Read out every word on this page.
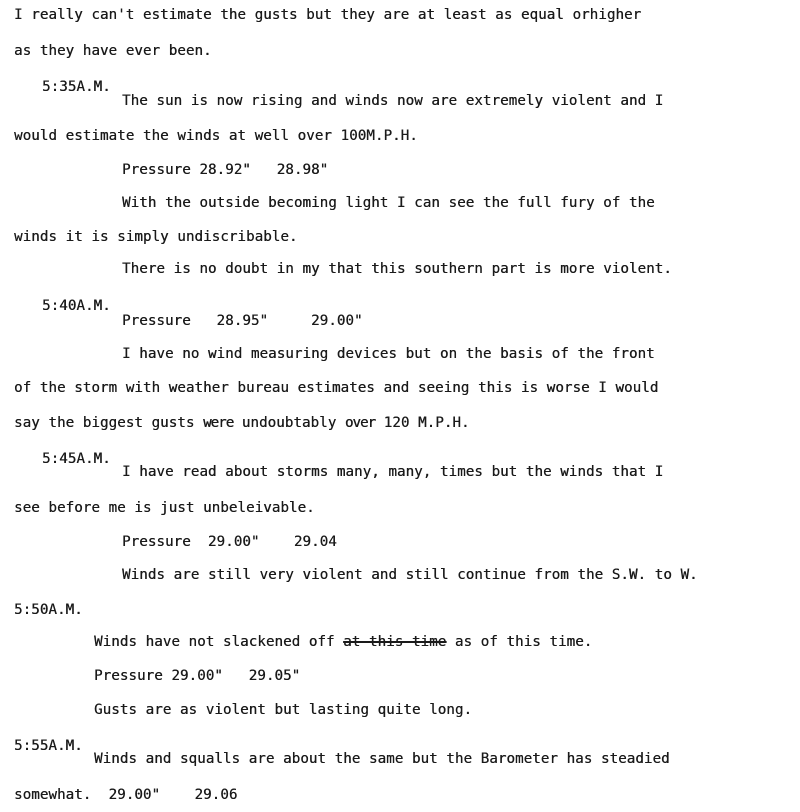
I really can't estimate the gusts but they are at least as equal orhigher
as they have ever been.
5:35A.M.
The sun is now rising and winds now are extremely violent and I
would estimate the winds at well over 100M.P.H.
Pressure 28.92"   28.98"
With the outside becoming light I can see the full fury of the
winds it is simply undiscribable.
There is no doubt in my that this southern part is more violent.
5:40A.M.
Pressure   28.95"     29.00"
I have no wind measuring devices but on the basis of the front
of the storm with weather bureau estimates and seeing this is worse I would
say the biggest gusts were undoubtably over 120 M.P.H.
5:45A.M.
I have read about storms many, many, times but the winds that I
see before me is just unbeleivable.
Pressure  29.00"    29.04
Winds are still very violent and still continue from the S.W. to W.
5:50A.M.
Winds have not slackened off at this time as of this time.
Pressure 29.00"   29.05"
Gusts are as violent but lasting quite long.
5:55A.M.
Winds and squalls are about the same but the Barometer has steadied
somewhat. 29.00" 29.06
